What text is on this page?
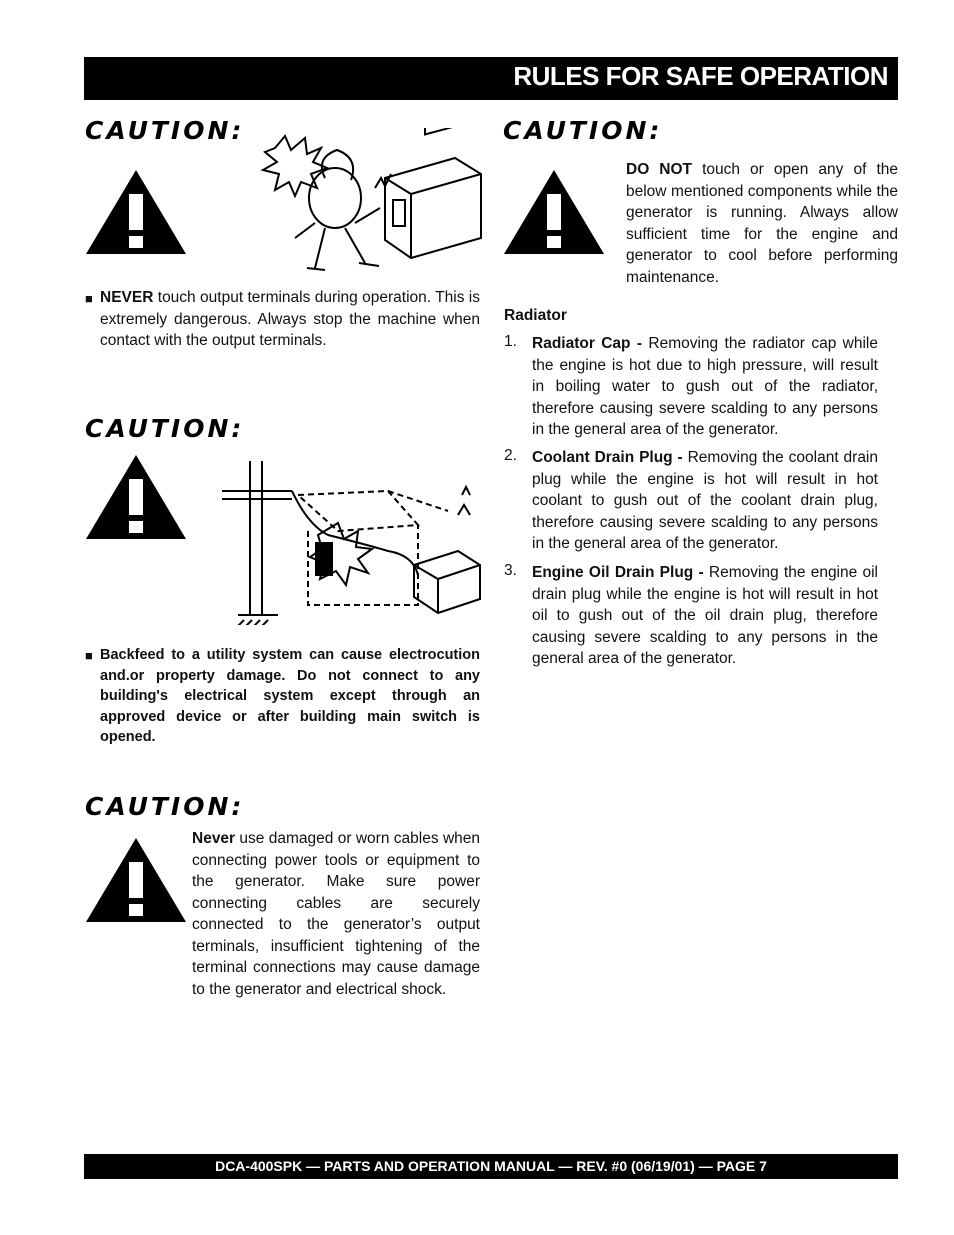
RULES FOR SAFE OPERATION
CAUTION:
■ NEVER touch output terminals during operation. This is extremely dangerous. Always stop the machine when contact with the output terminals.
CAUTION:
■ Backfeed to a utility system can cause electrocution and.or property damage. Do not connect to any building's electrical system except through an approved device or after building main switch is opened.
CAUTION:
Never use damaged or worn cables when connecting power tools or equipment to the generator. Make sure power connecting cables are securely connected to the generator’s output terminals, insufficient tightening of the terminal connections may cause damage to the generator and electrical shock.
CAUTION:
DO NOT touch or open any of the below mentioned components while the generator is running. Always allow sufficient time for the engine and generator to cool before performing maintenance.
Radiator
1. Radiator Cap - Removing the radiator cap while the engine is hot due to high pressure, will result in boiling water to gush out of the radiator, therefore causing severe scalding to any persons in the general area of the generator.
2. Coolant Drain Plug - Removing the coolant drain plug while the engine is hot will result in hot coolant to gush out of the coolant drain plug, therefore causing severe scalding to any persons in the general area of the generator.
3. Engine Oil Drain Plug - Removing the engine oil drain plug while the engine is hot will result in hot oil to gush out of the oil drain plug, therefore causing severe scalding to any persons in the general area of the generator.
DCA-400SPK — PARTS AND OPERATION MANUAL — REV. #0 (06/19/01) — PAGE 7
